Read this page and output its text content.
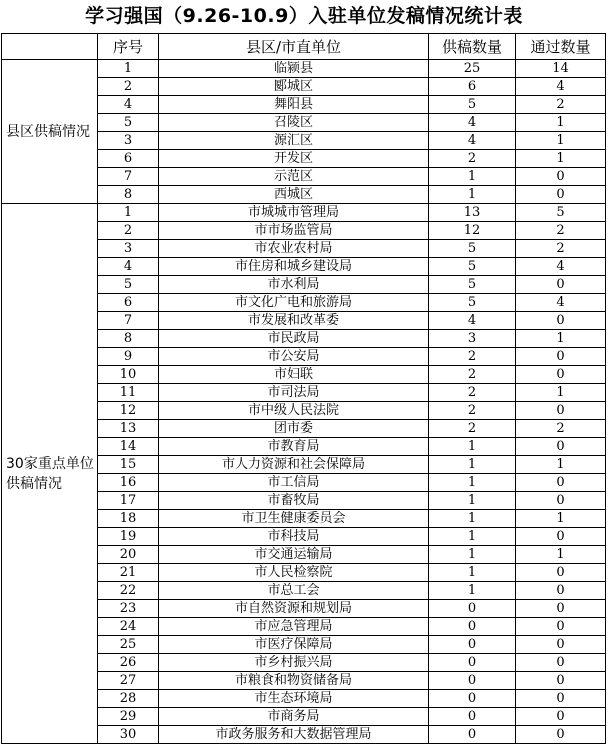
学习强国（9.26-10.9）入驻单位发稿情况统计表
	序号	县区/市直单位	供稿数量	通过数量
县区供稿情况	1	临颍县	25	14
	2	郾城区	6	4
	4	舞阳县	5	2
	5	召陵区	4	1
	3	源汇区	4	1
	6	开发区	2	1
	7	示范区	1	0
	8	西城区	1	0
30家重点单位供稿情况	1	市城城市管理局	13	5
	2	市市场监管局	12	2
	3	市农业农村局	5	2
	4	市住房和城乡建设局	5	4
	5	市水利局	5	0
	6	市文化广电和旅游局	5	4
	7	市发展和改革委	4	0
	8	市民政局	3	1
	9	市公安局	2	0
	10	市妇联	2	0
	11	市司法局	2	1
	12	市中级人民法院	2	0
	13	团市委	2	2
	14	市教育局	1	0
	15	市人力资源和社会保障局	1	1
	16	市工信局	1	0
	17	市畜牧局	1	0
	18	市卫生健康委员会	1	1
	19	市科技局	1	0
	20	市交通运输局	1	1
	21	市人民检察院	1	0
	22	市总工会	1	0
	23	市自然资源和规划局	0	0
	24	市应急管理局	0	0
	25	市医疗保障局	0	0
	26	市乡村振兴局	0	0
	27	市粮食和物资储备局	0	0
	28	市生态环境局	0	0
	29	市商务局	0	0
	30	市政务服务和大数据管理局	0	0
